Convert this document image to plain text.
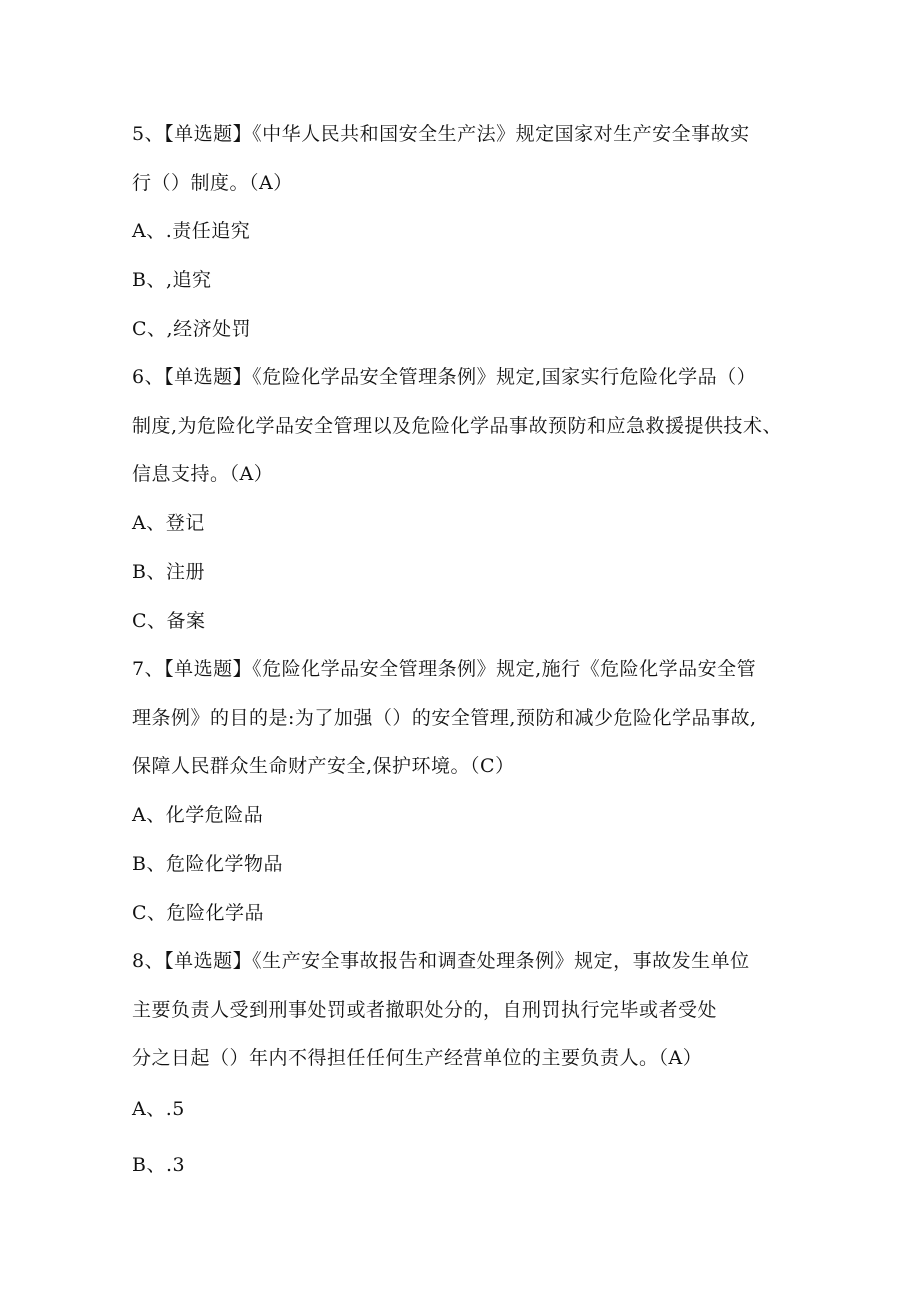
5、【单选题】《中华人民共和国安全生产法》规定国家对生产安全事故实
行（）制度。（A）
A、.责任追究
B、,追究
C、,经济处罚
6、【单选题】《危险化学品安全管理条例》规定,国家实行危险化学品（）
制度,为危险化学品安全管理以及危险化学品事故预防和应急救援提供技术、
信息支持。（A）
A、登记
B、注册
C、备案
7、【单选题】《危险化学品安全管理条例》规定,施行《危险化学品安全管
理条例》的目的是:为了加强（）的安全管理,预防和减少危险化学品事故,
保障人民群众生命财产安全,保护环境。（C）
A、化学危险品
B、危险化学物品
C、危险化学品
8、【单选题】《生产安全事故报告和调查处理条例》规定，事故发生单位
主要负责人受到刑事处罚或者撤职处分的，自刑罚执行完毕或者受处
分之日起（）年内不得担任任何生产经营单位的主要负责人。（A）
A、.5
B、.3
